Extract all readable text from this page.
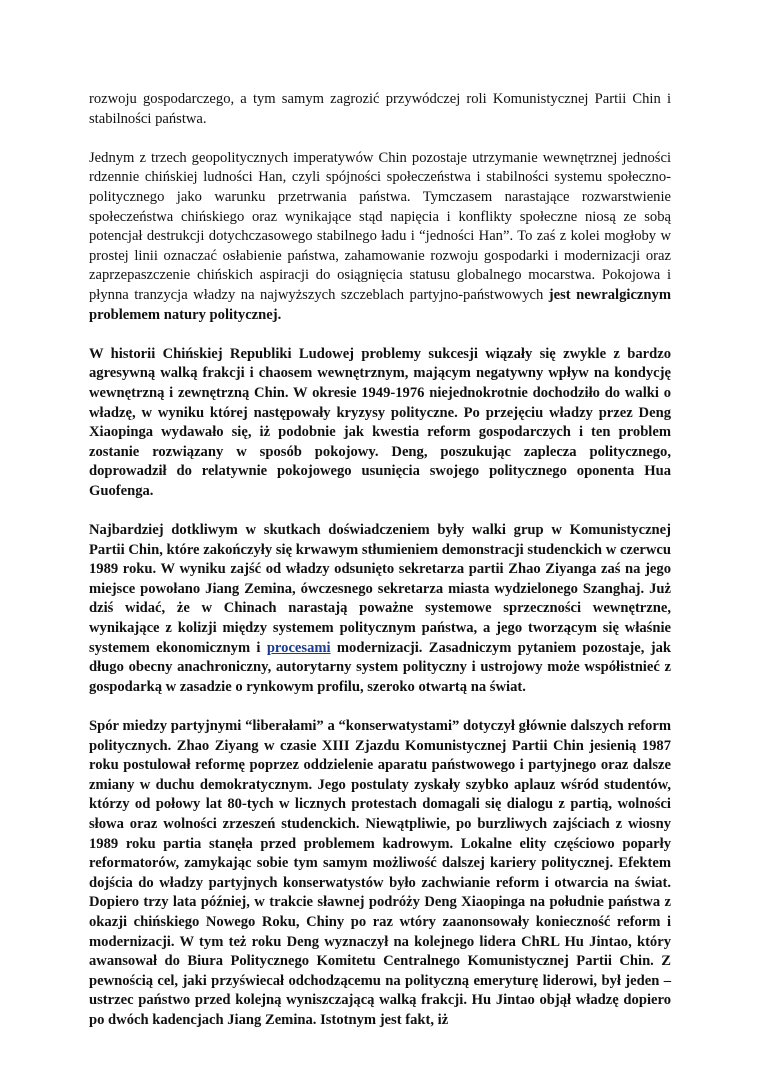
rozwoju gospodarczego, a tym samym zagrozić przywódczej roli Komunistycznej Partii Chin i stabilności państwa.

Jednym z trzech geopolitycznych imperatywów Chin pozostaje utrzymanie wewnętrznej jedności rdzennie chińskiej ludności Han, czyli spójności społeczeństwa i stabilności systemu społeczno-politycznego jako warunku przetrwania państwa. Tymczasem narastające rozwarstwienie społeczeństwa chińskiego oraz wynikające stąd napięcia i konflikty społeczne niosą ze sobą potencjał destrukcji dotychczasowego stabilnego ładu i “jedności Han”. To zaś z kolei mogłoby w prostej linii oznaczać osłabienie państwa, zahamowanie rozwoju gospodarki i modernizacji oraz zaprzepaszczenie chińskich aspiracji do osiągnięcia statusu globalnego mocarstwa. Pokojowa i płynna tranzycja władzy na najwyższych szczeblach partyjno-państwowych jest newralgicznym problemem natury politycznej.

W historii Chińskiej Republiki Ludowej problemy sukcesji wiązały się zwykle z bardzo agresywną walką frakcji i chaosem wewnętrznym, mającym negatywny wpływ na kondycję wewnętrzną i zewnętrzną Chin. W okresie 1949-1976 niejednokrotnie dochodziło do walki o władzę, w wyniku której następowały kryzysy polityczne. Po przejęciu władzy przez Deng Xiaopinga wydawało się, iż podobnie jak kwestia reform gospodarczych i ten problem zostanie rozwiązany w sposób pokojowy. Deng, poszukując zaplecza politycznego, doprowadził do relatywnie pokojowego usunięcia swojego politycznego oponenta Hua Guofenga.

Najbardziej dotkliwym w skutkach doświadczeniem były walki grup w Komunistycznej Partii Chin, które zakończyły się krwawym stłumieniem demonstracji studenckich w czerwcu 1989 roku. W wyniku zajść od władzy odsunięto sekretarza partii Zhao Ziyanga zaś na jego miejsce powołano Jiang Zemina, ówczesnego sekretarza miasta wydzielonego Szanghaj. Już dziś widać, że w Chinach narastają poważne systemowe sprzeczności wewnętrzne, wynikające z kolizji między systemem politycznym państwa, a jego tworzącym się właśnie systemem ekonomicznym i procesami modernizacji. Zasadniczym pytaniem pozostaje, jak długo obecny anachroniczny, autorytarny system polityczny i ustrojowy może współistnieć z gospodarką w zasadzie o rynkowym profilu, szeroko otwartą na świat.

Spór miedzy partyjnymi “liberałami” a “konserwatystami” dotyczył głównie dalszych reform politycznych. Zhao Ziyang w czasie XIII Zjazdu Komunistycznej Partii Chin jesienią 1987 roku postulował reformę poprzez oddzielenie aparatu państwowego i partyjnego oraz dalsze zmiany w duchu demokratycznym. Jego postulaty zyskały szybko aplauz wśród studentów, którzy od połowy lat 80-tych w licznych protestach domagali się dialogu z partią, wolności słowa oraz wolności zrzeszeń studenckich. Niewątpliwie, po burzliwych zajściach z wiosny 1989 roku partia stanęła przed problemem kadrowym. Lokalne elity częściowo poparły reformatorów, zamykając sobie tym samym możliwość dalszej kariery politycznej. Efektem dojścia do władzy partyjnych konserwatystów było zachwianie reform i otwarcia na świat. Dopiero trzy lata później, w trakcie sławnej podróży Deng Xiaopinga na południe państwa z okazji chińskiego Nowego Roku, Chiny po raz wtóry zaanonsowały konieczność reform i modernizacji. W tym też roku Deng wyznaczył na kolejnego lidera ChRL Hu Jintao, który awansował do Biura Politycznego Komitetu Centralnego Komunistycznej Partii Chin. Z pewnością cel, jaki przyświecał odchodzącemu na polityczną emeryturę liderowi, był jeden – ustrzec państwo przed kolejną wyniszczającą walką frakcji. Hu Jintao objął władzę dopiero po dwóch kadencjach Jiang Zemina. Istotnym jest fakt, iż
